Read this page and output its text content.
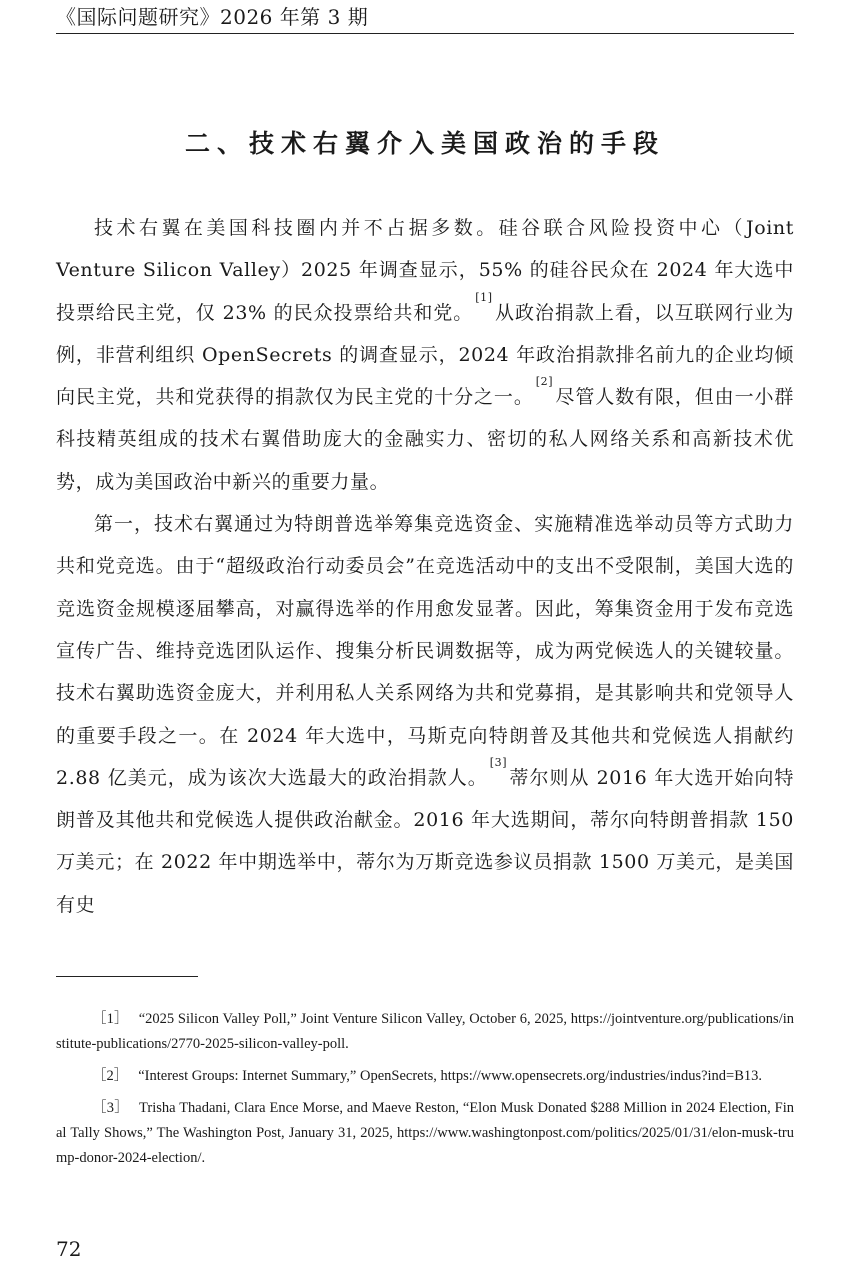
《国际问题研究》2026 年第 3 期
二、技术右翼介入美国政治的手段

技术右翼在美国科技圈内并不占据多数。硅谷联合风险投资中心（Joint Venture Silicon Valley）2025 年调查显示，55% 的硅谷民众在 2024 年大选中投票给民主党，仅 23% 的民众投票给共和党。[1]从政治捐款上看，以互联网行业为例，非营利组织 OpenSecrets 的调查显示，2024 年政治捐款排名前九的企业均倾向民主党，共和党获得的捐款仅为民主党的十分之一。[2]尽管人数有限，但由一小群科技精英组成的技术右翼借助庞大的金融实力、密切的私人网络关系和高新技术优势，成为美国政治中新兴的重要力量。

第一，技术右翼通过为特朗普选举筹集竞选资金、实施精准选举动员等方式助力共和党竞选。由于“超级政治行动委员会”在竞选活动中的支出不受限制，美国大选的竞选资金规模逐届攀高，对赢得选举的作用愈发显著。因此，筹集资金用于发布竞选宣传广告、维持竞选团队运作、搜集分析民调数据等，成为两党候选人的关键较量。技术右翼助选资金庞大，并利用私人关系网络为共和党募捐，是其影响共和党领导人的重要手段之一。在 2024 年大选中，马斯克向特朗普及其他共和党候选人捐献约 2.88 亿美元，成为该次大选最大的政治捐款人。[3]蒂尔则从 2016 年大选开始向特朗普及其他共和党候选人提供政治献金。2016 年大选期间，蒂尔向特朗普捐款 150 万美元；在 2022 年中期选举中，蒂尔为万斯竞选参议员捐款 1500 万美元，是美国有史

［1］ “2025 Silicon Valley Poll,” Joint Venture Silicon Valley, October 6, 2025, https://jointventure.org/publications/institute-publications/2770-2025-silicon-valley-poll.

［2］ “Interest Groups: Internet Summary,” OpenSecrets, https://www.opensecrets.org/industries/indus?ind=B13.

［3］ Trisha Thadani, Clara Ence Morse, and Maeve Reston, “Elon Musk Donated $288 Million in 2024 Election, Final Tally Shows,” The Washington Post, January 31, 2025, https://www.washingtonpost.com/politics/2025/01/31/elon-musk-trump-donor-2024-election/.

72
